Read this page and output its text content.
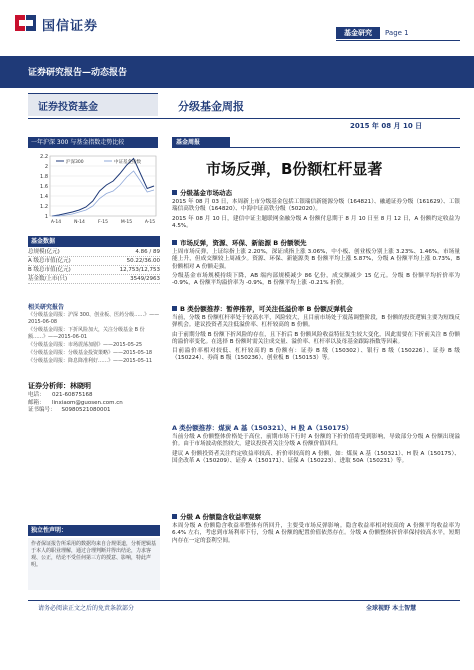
国信证券	基金研究	Page 1
证券研究报告—动态报告
证券投资基金	分级基金周报
2015 年 08 月 10 日
一年沪深 300 与基金指数走势比较
2.2
2
1.8
1.6
1.4
1.2
1
A-14	N-14	F-15	M-15	A-15
沪深300	中证基金指数
基金数据
总规模(亿元)	4.86 / 89
A 级总市值(亿元)	50.22/36.00
B 级总市值(亿元)	12,753/12,753
基金数/上市(只)	3549/2963
相关研究报告
《分级基金周报：沪深 300、创业板、医药分级……》——2015-06-08
《分级基金周报：下折风险加大，关注分级基金 B 份额……》——2015-06-01
《分级基金周报：市场震荡加剧》——2015-05-25
《分级基金周报：分级基金投资策略》——2015-05-18
《分级基金周报：降息降准利好……》——2015-05-11
证券分析师：林晓明
电话： 021-60875168
邮箱： linxiaom@guosen.com.cn
证书编号： S0980521080001
独立性声明：
作者保证报告所采用的数据均来自合规渠道，分析逻辑基于本人的职业理解，通过合理判断并得出结论，力求客观、公正，结论不受任何第三方的授意、影响，特此声明。
基金周报
市场反弹，B份额杠杆显著
分级基金市场动态

2015 年 08 月 03 日，本周新上市分级基金包括工银瑞信新能源分级（164821）、融通证券分级（161629）、工银瑞信高铁分级（164820）、中海中证高铁分级（502020）。

2015 年 08 月 10 日，建信中证主题联网金融分级 A 份额付息期于 8 月 10 日至 8 月 12 日，A 份额约定收益为 4.5%。

市场反弹，资源、环保、新能源 B 份额领先

上周市场反弹，上证综指上涨 2.20%，深证成指上涨 3.06%，中小板、创业板分别上涨 3.23%、1.46%。市场量能上升，但成交额较上周减少。资源、环保、新能源类 B 份额平均上涨 5.87%，分级 A 份额平均上涨 0.73%，B 份额相对 A 份额走强。

分级基金市场规模持续下降，AB 端内部规模减少 86 亿份，成交额减少 15 亿元。分级 B 份额平均折价率为 -0.9%，A 份额平均溢价率为 -0.9%，B 份额平均上涨 -0.21% 折价。

B 类份额推荐：暂停推荐，可关注低溢价率 B 份额反弹机会

当前，分级 B 份额杠杆率处于较高水平，风险较大，且目前市场处于震荡调整阶段，B 份额的投资逻辑主要为短线反弹机会。建议投资者关注低溢价率、杠杆较高的 B 份额。

由于前期分级 B 份额下折风险的存在，且下折后 B 份额风险收益特征发生较大变化，因此需要在下折前关注 B 份额的溢价率变化。在选择 B 份额时需关注成交量、溢价率、杠杆率以及母基金跟踪指数等因素。

目前溢价率相对较低、杠杆较高的 B 份额有：证券 B 级（150302）、银行 B 级（150226）、证券 B 级（150224）、券商 B 级（150236）、创业板 B（150153）等。

A 类份额推荐：煤炭 A 基（150321）、H 股 A（150175）

当前分级 A 份额整体价格处于高位，前期市场下行时 A 份额的下折价值将受到影响，导致部分分级 A 份额出现溢价。由于市场波动依然较大，建议投资者关注分级 A 份额价值回归。

建议 A 份额投资者关注约定收益率较高、折价率较高的 A 份额，如：煤炭 A 基（150321）、H 股 A（150175）、国企改革 A（150209）、证券 A（150171）、证保 A（150223）、进取 50A（150231）等。

分级 A 份额隐含收益率观察

本周分级 A 份额隐含收益率整体有所回升，主要受市场反弹影响。隐含收益率相对较高的 A 份额平均收益率为 6.4% 左右，考虑到市场利率下行，分级 A 份额的配置价值依然存在。分级 A 份额整体折价率保持较高水平，短期内存在一定的套利空间。

请务必阅读正文之后的免责条款部分	全球视野 本土智慧
